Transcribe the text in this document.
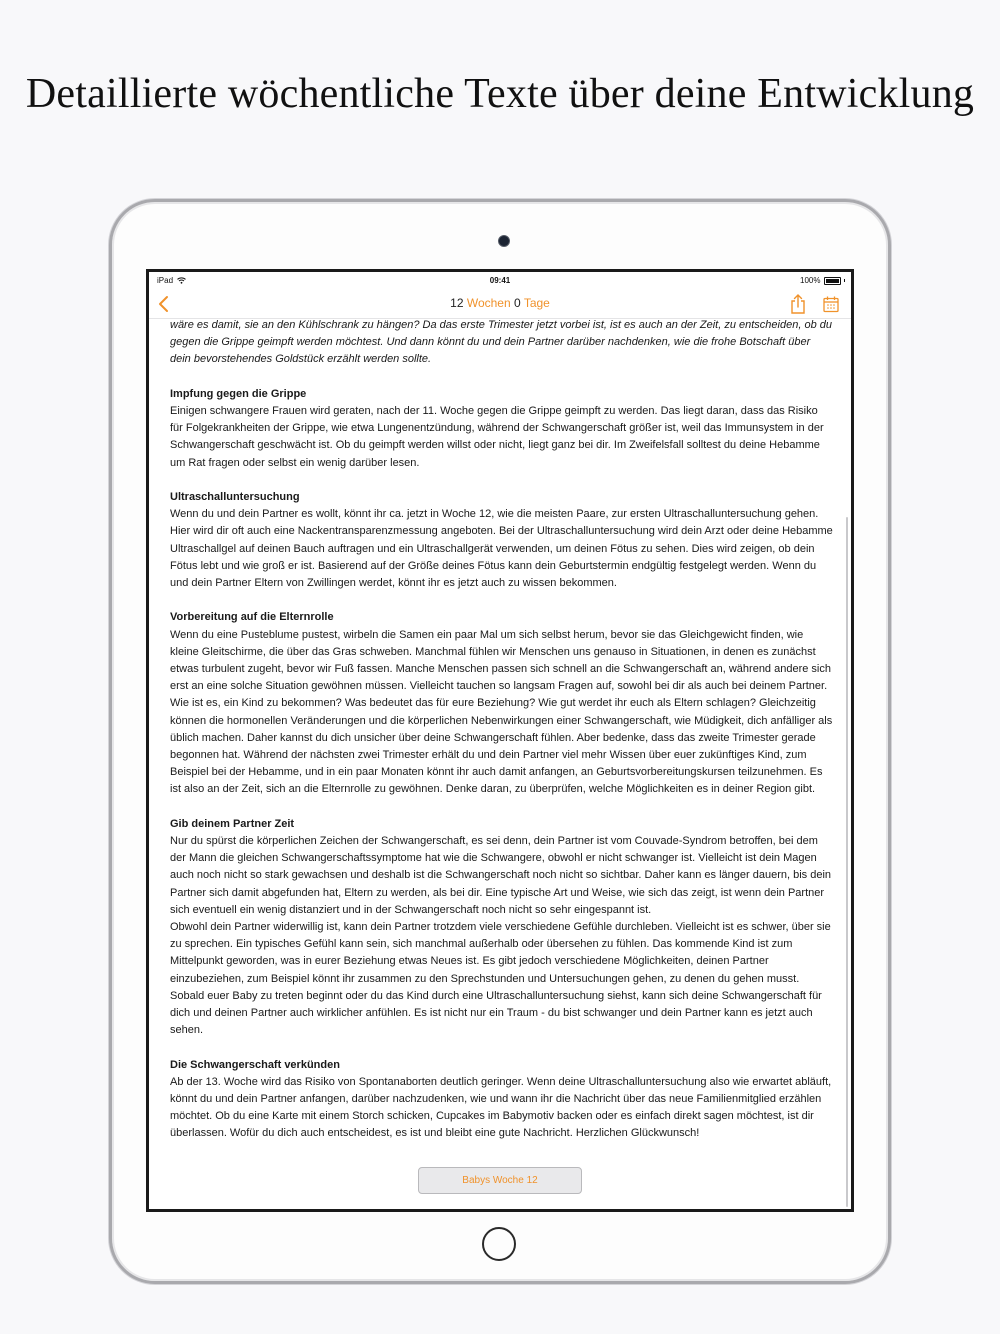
Detaillierte wöchentliche Texte über deine Entwicklung
iPad	09:41	100%
12 Wochen 0 Tage

wäre es damit, sie an den Kühlschrank zu hängen? Da das erste Trimester jetzt vorbei ist, ist es auch an der Zeit, zu entscheiden, ob du gegen die Grippe geimpft werden möchtest. Und dann könnt du und dein Partner darüber nachdenken, wie die frohe Botschaft über dein bevorstehendes Goldstück erzählt werden sollte.

Impfung gegen die Grippe

Einigen schwangere Frauen wird geraten, nach der 11. Woche gegen die Grippe geimpft zu werden. Das liegt daran, dass das Risiko für Folgekrankheiten der Grippe, wie etwa Lungenentzündung, während der Schwangerschaft größer ist, weil das Immunsystem in der Schwangerschaft geschwächt ist. Ob du geimpft werden willst oder nicht, liegt ganz bei dir. Im Zweifelsfall solltest du deine Hebamme um Rat fragen oder selbst ein wenig darüber lesen.

Ultraschalluntersuchung

Wenn du und dein Partner es wollt, könnt ihr ca. jetzt in Woche 12, wie die meisten Paare, zur ersten Ultraschalluntersuchung gehen. Hier wird dir oft auch eine Nackentransparenzmessung angeboten. Bei der Ultraschalluntersuchung wird dein Arzt oder deine Hebamme Ultraschallgel auf deinen Bauch auftragen und ein Ultraschallgerät verwenden, um deinen Fötus zu sehen. Dies wird zeigen, ob dein Fötus lebt und wie groß er ist. Basierend auf der Größe deines Fötus kann dein Geburtstermin endgültig festgelegt werden. Wenn du und dein Partner Eltern von Zwillingen werdet, könnt ihr es jetzt auch zu wissen bekommen.

Vorbereitung auf die Elternrolle

Wenn du eine Pusteblume pustest, wirbeln die Samen ein paar Mal um sich selbst herum, bevor sie das Gleichgewicht finden, wie kleine Gleitschirme, die über das Gras schweben. Manchmal fühlen wir Menschen uns genauso in Situationen, in denen es zunächst etwas turbulent zugeht, bevor wir Fuß fassen. Manche Menschen passen sich schnell an die Schwangerschaft an, während andere sich erst an eine solche Situation gewöhnen müssen. Vielleicht tauchen so langsam Fragen auf, sowohl bei dir als auch bei deinem Partner. Wie ist es, ein Kind zu bekommen? Was bedeutet das für eure Beziehung? Wie gut werdet ihr euch als Eltern schlagen? Gleichzeitig können die hormonellen Veränderungen und die körperlichen Nebenwirkungen einer Schwangerschaft, wie Müdigkeit, dich anfälliger als üblich machen. Daher kannst du dich unsicher über deine Schwangerschaft fühlen. Aber bedenke, dass das zweite Trimester gerade begonnen hat. Während der nächsten zwei Trimester erhält du und dein Partner viel mehr Wissen über euer zukünftiges Kind, zum Beispiel bei der Hebamme, und in ein paar Monaten könnt ihr auch damit anfangen, an Geburtsvorbereitungskursen teilzunehmen. Es ist also an der Zeit, sich an die Elternrolle zu gewöhnen. Denke daran, zu überprüfen, welche Möglichkeiten es in deiner Region gibt.

Gib deinem Partner Zeit

Nur du spürst die körperlichen Zeichen der Schwangerschaft, es sei denn, dein Partner ist vom Couvade-Syndrom betroffen, bei dem der Mann die gleichen Schwangerschaftssymptome hat wie die Schwangere, obwohl er nicht schwanger ist. Vielleicht ist dein Magen auch noch nicht so stark gewachsen und deshalb ist die Schwangerschaft noch nicht so sichtbar. Daher kann es länger dauern, bis dein Partner sich damit abgefunden hat, Eltern zu werden, als bei dir. Eine typische Art und Weise, wie sich das zeigt, ist wenn dein Partner sich eventuell ein wenig distanziert und in der Schwangerschaft noch nicht so sehr eingespannt ist.

Obwohl dein Partner widerwillig ist, kann dein Partner trotzdem viele verschiedene Gefühle durchleben. Vielleicht ist es schwer, über sie zu sprechen. Ein typisches Gefühl kann sein, sich manchmal außerhalb oder übersehen zu fühlen. Das kommende Kind ist zum Mittelpunkt geworden, was in eurer Beziehung etwas Neues ist. Es gibt jedoch verschiedene Möglichkeiten, deinen Partner einzubeziehen, zum Beispiel könnt ihr zusammen zu den Sprechstunden und Untersuchungen gehen, zu denen du gehen musst. Sobald euer Baby zu treten beginnt oder du das Kind durch eine Ultraschalluntersuchung siehst, kann sich deine Schwangerschaft für dich und deinen Partner auch wirklicher anfühlen. Es ist nicht nur ein Traum - du bist schwanger und dein Partner kann es jetzt auch sehen.

Die Schwangerschaft verkünden

Ab der 13. Woche wird das Risiko von Spontanaborten deutlich geringer. Wenn deine Ultraschalluntersuchung also wie erwartet abläuft, könnt du und dein Partner anfangen, darüber nachzudenken, wie und wann ihr die Nachricht über das neue Familienmitglied erzählen möchtet. Ob du eine Karte mit einem Storch schicken, Cupcakes im Babymotiv backen oder es einfach direkt sagen möchtest, ist dir überlassen. Wofür du dich auch entscheidest, es ist und bleibt eine gute Nachricht. Herzlichen Glückwunsch!

Babys Woche 12
